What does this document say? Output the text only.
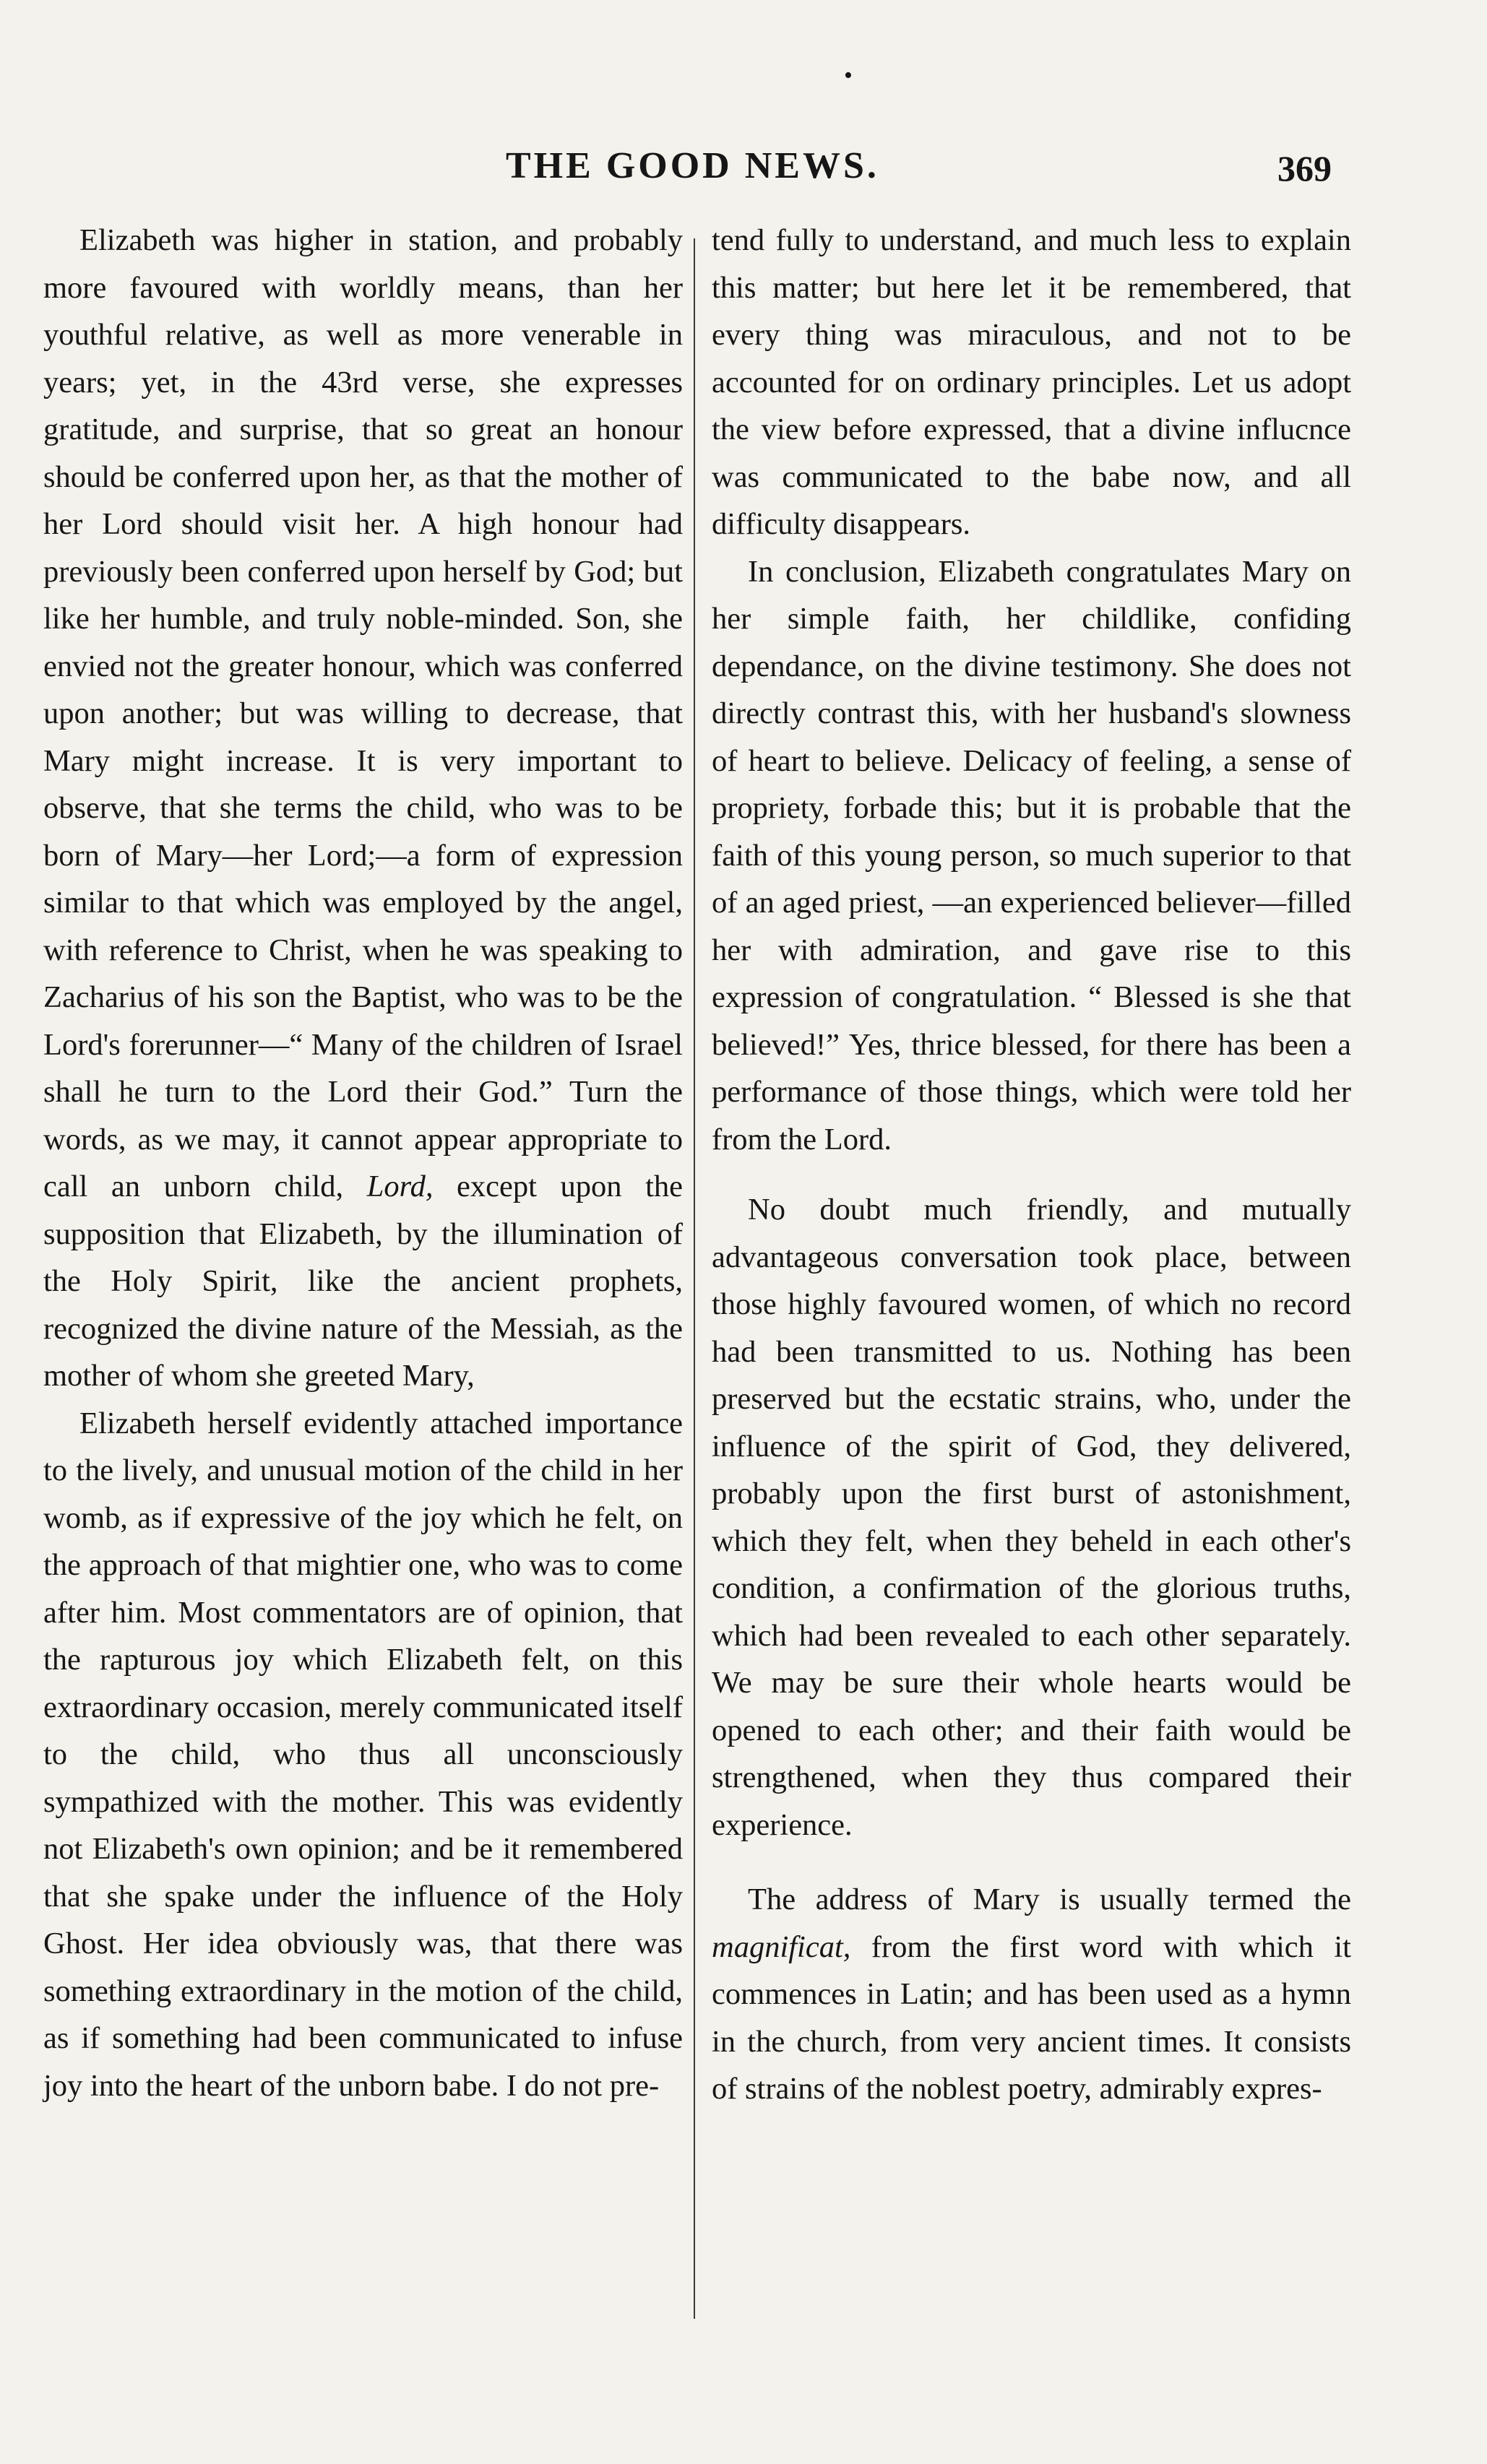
•
THE GOOD NEWS.	369

Elizabeth was higher in station, and probably more favoured with worldly means, than her youthful relative, as well as more venerable in years; yet, in the 43rd verse, she expresses gratitude, and surprise, that so great an honour should be conferred upon her, as that the mother of her Lord should visit her. A high honour had previously been conferred upon herself by God; but like her humble, and truly noble-minded. Son, she envied not the greater honour, which was conferred upon another; but was willing to decrease, that Mary might increase. It is very important to observe, that she terms the child, who was to be born of Mary—her Lord;—a form of expression similar to that which was employed by the angel, with reference to Christ, when he was speaking to Zacharius of his son the Baptist, who was to be the Lord's forerunner—“ Many of the children of Israel shall he turn to the Lord their God.” Turn the words, as we may, it cannot appear appropriate to call an unborn child, Lord, except upon the supposition that Elizabeth, by the illumination of the Holy Spirit, like the ancient prophets, recognized the divine nature of the Messiah, as the mother of whom she greeted Mary,

Elizabeth herself evidently attached importance to the lively, and unusual motion of the child in her womb, as if expressive of the joy which he felt, on the approach of that mightier one, who was to come after him. Most commentators are of opinion, that the rapturous joy which Elizabeth felt, on this extraordinary occasion, merely communicated itself to the child, who thus all unconsciously sympathized with the mother. This was evidently not Elizabeth's own opinion; and be it remembered that she spake under the influence of the Holy Ghost. Her idea obviously was, that there was something extraordinary in the motion of the child, as if something had been communicated to infuse joy into the heart of the unborn babe. I do not pre-

tend fully to understand, and much less to explain this matter; but here let it be remembered, that every thing was miraculous, and not to be accounted for on ordinary principles. Let us adopt the view before expressed, that a divine influcnce was communicated to the babe now, and all difficulty disappears.

In conclusion, Elizabeth congratulates Mary on her simple faith, her childlike, confiding dependance, on the divine testimony. She does not directly contrast this, with her husband's slowness of heart to believe. Delicacy of feeling, a sense of propriety, forbade this; but it is probable that the faith of this young person, so much superior to that of an aged priest, —an experienced believer—filled her with admiration, and gave rise to this expression of congratulation. “ Blessed is she that believed!” Yes, thrice blessed, for there has been a performance of those things, which were told her from the Lord.

No doubt much friendly, and mutually advantageous conversation took place, between those highly favoured women, of which no record had been transmitted to us. Nothing has been preserved but the ecstatic strains, who, under the influence of the spirit of God, they delivered, probably upon the first burst of astonishment, which they felt, when they beheld in each other's condition, a confirmation of the glorious truths, which had been revealed to each other separately. We may be sure their whole hearts would be opened to each other; and their faith would be strengthened, when they thus compared their experience.

The address of Mary is usually termed the magnificat, from the first word with which it commences in Latin; and has been used as a hymn in the church, from very ancient times. It consists of strains of the noblest poetry, admirably expres-
